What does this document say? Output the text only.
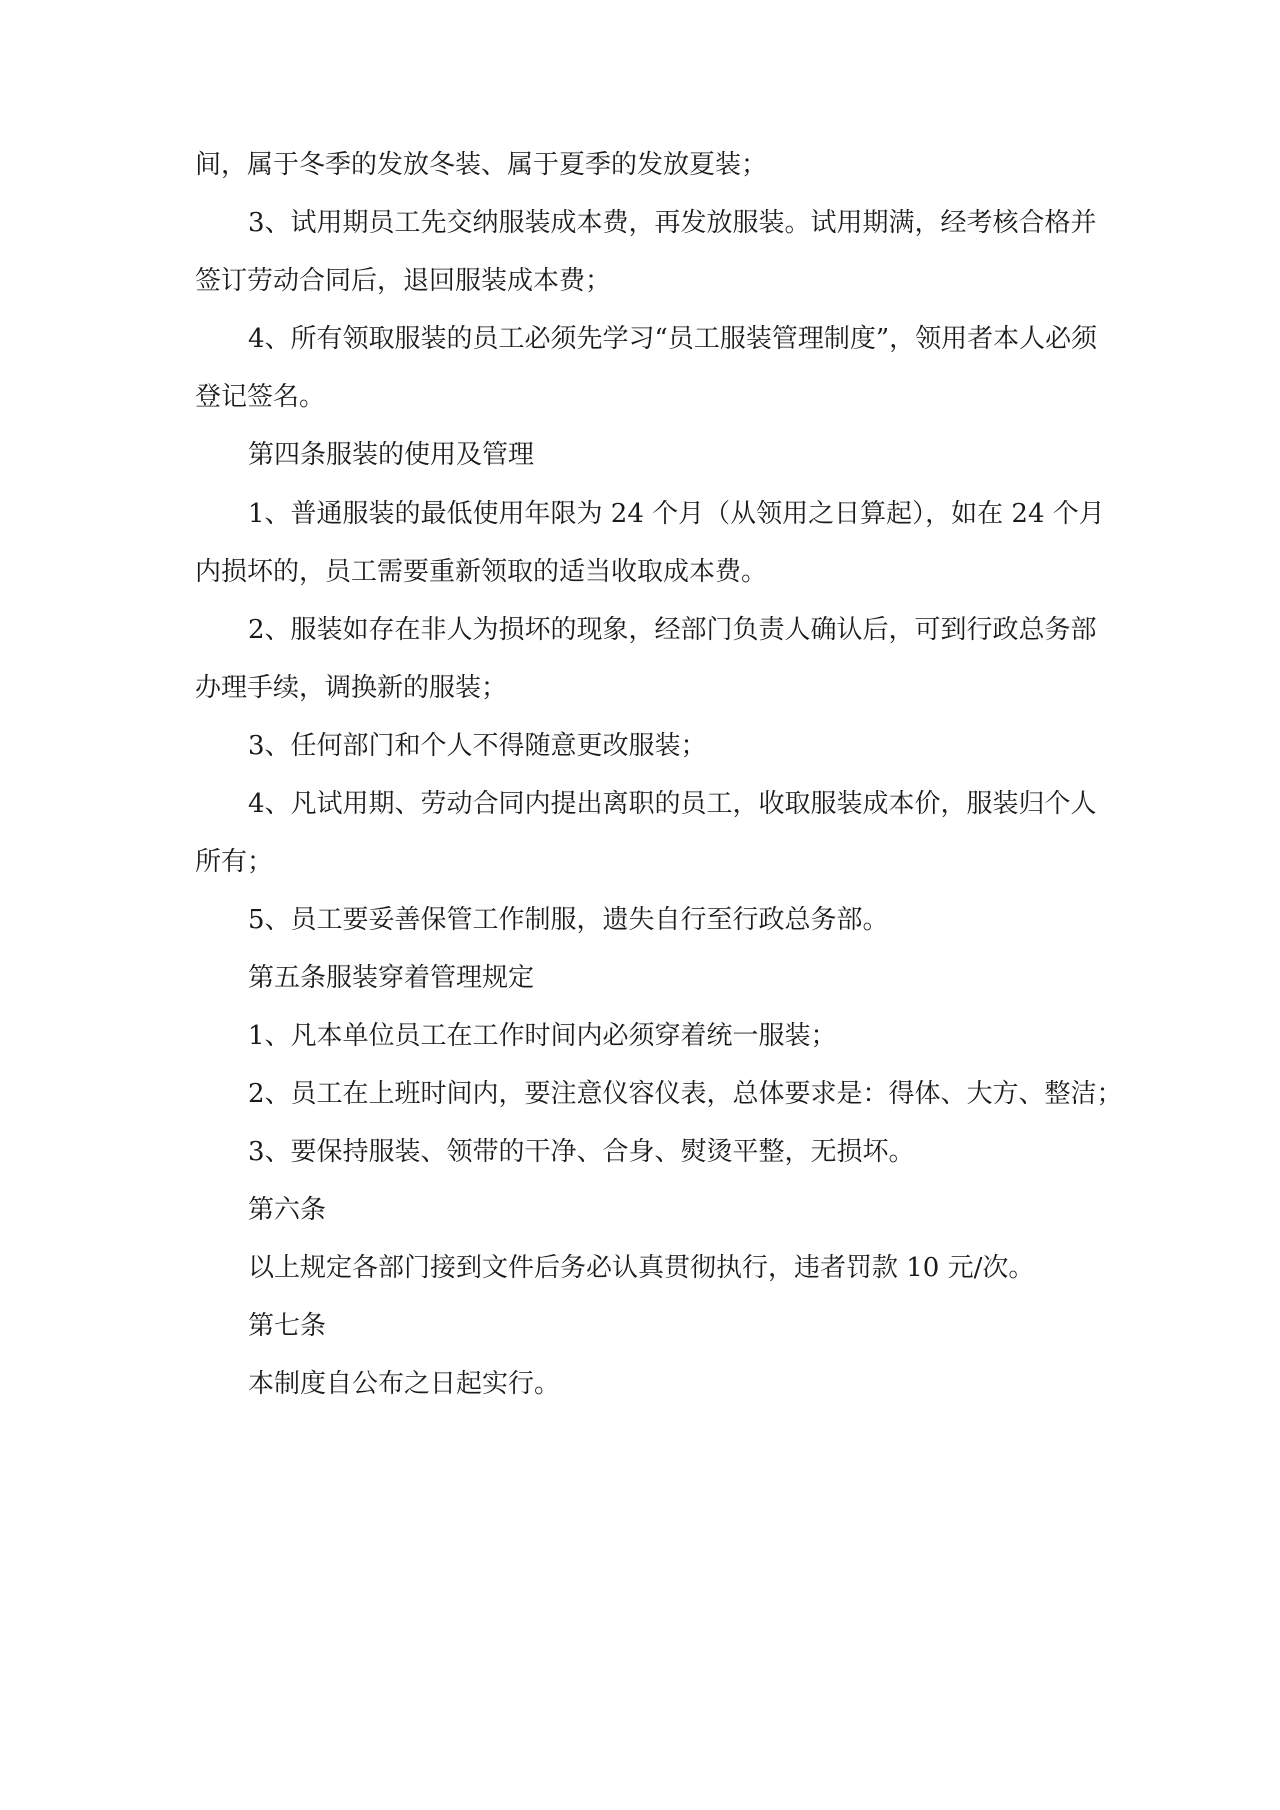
间，属于冬季的发放冬装、属于夏季的发放夏装；
3、试用期员工先交纳服装成本费，再发放服装。试用期满，经考核合格并
签订劳动合同后，退回服装成本费；
4、所有领取服装的员工必须先学习“员工服装管理制度”，领用者本人必须
登记签名。
第四条服装的使用及管理
1、普通服装的最低使用年限为 24 个月（从领用之日算起），如在 24 个月
内损坏的，员工需要重新领取的适当收取成本费。
2、服装如存在非人为损坏的现象，经部门负责人确认后，可到行政总务部
办理手续，调换新的服装；
3、任何部门和个人不得随意更改服装；
4、凡试用期、劳动合同内提出离职的员工，收取服装成本价，服装归个人
所有；
5、员工要妥善保管工作制服，遗失自行至行政总务部。
第五条服装穿着管理规定
1、凡本单位员工在工作时间内必须穿着统一服装；
2、员工在上班时间内，要注意仪容仪表，总体要求是：得体、大方、整洁；
3、要保持服装、领带的干净、合身、熨烫平整，无损坏。
第六条
以上规定各部门接到文件后务必认真贯彻执行，违者罚款 10 元/次。
第七条
本制度自公布之日起实行。
